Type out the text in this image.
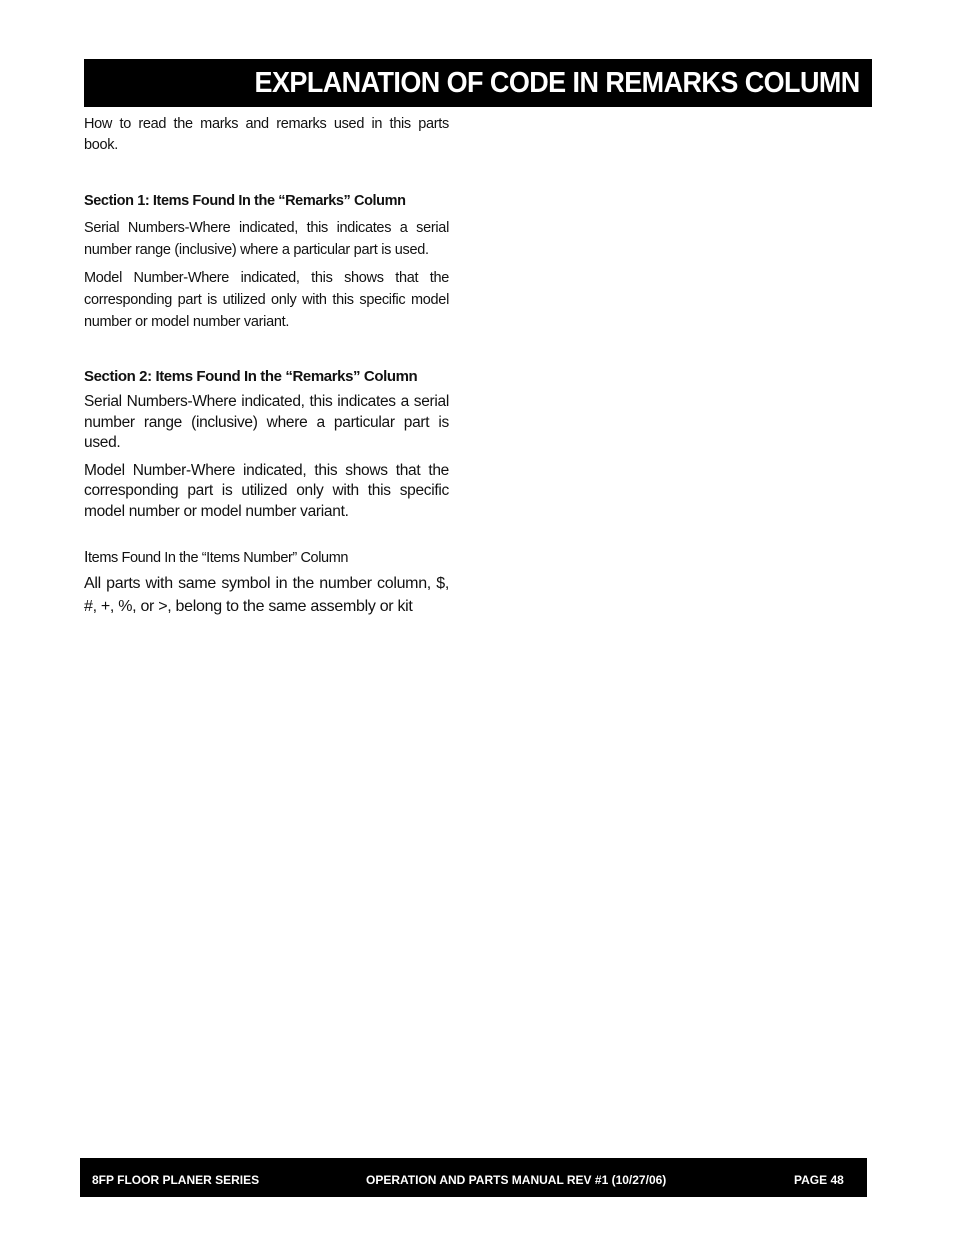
EXPLANATION OF CODE IN REMARKS COLUMN

How to read the marks and remarks used in this parts book.

Section 1: Items Found In the “Remarks” Column

Serial Numbers-Where indicated, this indicates a serial number range (inclusive) where a particular part is used.

Model Number-Where indicated, this shows that the corresponding part is utilized only with this specific model number or model number variant.

Section 2: Items Found In the “Remarks” Column

Serial Numbers-Where indicated, this indicates a serial number range (inclusive) where a particular part is used.

Model Number-Where indicated, this shows that the corresponding part is utilized only with this specific model number or model number variant.

Items Found In the “Items Number” Column

All parts with same symbol in the number column, $, #, +, %, or >, belong to the same assembly or kit

8FP FLOOR PLANER SERIES	OPERATION AND PARTS MANUAL REV #1 (10/27/06)	PAGE 48
